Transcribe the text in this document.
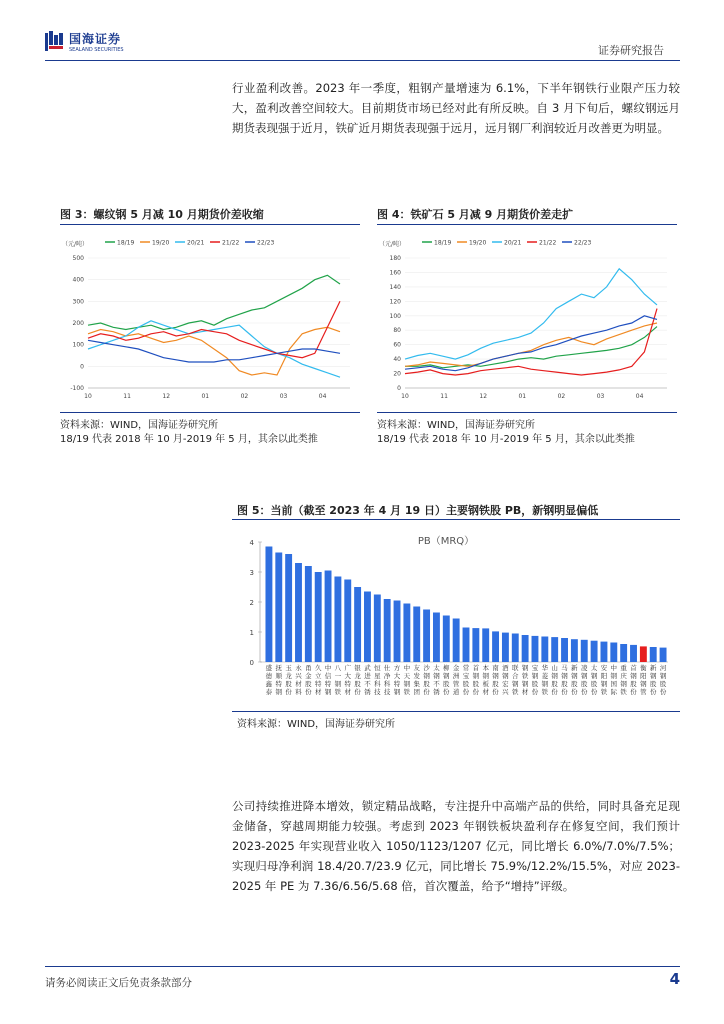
国海证券
SEALAND SECURITIES	证券研究报告
行业盈利改善。2023 年一季度，粗钢产量增速为 6.1%，下半年钢铁行业限产压力较大，盈利改善空间较大。目前期货市场已经对此有所反映。自 3 月下旬后，螺纹钢远月期货表现强于近月，铁矿近月期货表现强于远月，远月钢厂利润较近月改善更为明显。
图 3：螺纹钢 5 月减 10 月期货价差收缩
（元/吨）	18/19	19/20	20/21	21/22	22/23
-100
0
100
200
300
400
500
10	11	12	01	02	03	04
资料来源：WIND，国海证券研究所
18/19 代表 2018 年 10 月-2019 年 5 月，其余以此类推
图 4：铁矿石 5 月减 9 月期货价差走扩
（元/吨）	18/19	19/20	20/21	21/22	22/23
0
20
40
60
80
100
120
140
160
180
10	11	12	01	02	03	04
资料来源：WIND，国海证券研究所
18/19 代表 2018 年 10 月-2019 年 5 月，其余以此类推
图 5：当前（截至 2023 年 4 月 19 日）主要钢铁股 PB，新钢明显偏低
PB（MRQ）
0
1
2
3
4
盛德鑫泰
抚顺特钢
玉龙股份
永兴材料
甬金股份
久立特材
中信特钢
八一钢铁
广大特材
银龙股份
武进不锈
恒星科技
仕净科技
方大特钢
中天钢铁
友发集团
沙钢股份
太钢不锈
柳钢股份
金洲管道
常宝股份
首钢股份
本钢板材
南钢股份
酒钢宏兴
联合钢铁
钢铁钢材
宝钢股份
华菱钢铁
山钢股份
马钢股份
新钢股份
凌钢股份
太钢股份
安阳钢铁
中钢国际
重庆钢铁
首钢股份
衡阳钢管
新钢股份
河钢股份
资料来源：WIND，国海证券研究所
公司持续推进降本增效，锁定精品战略，专注提升中高端产品的供给，同时具备充足现金储备，穿越周期能力较强。考虑到 2023 年钢铁板块盈利存在修复空间，我们预计 2023-2025 年实现营业收入 1050/1123/1207 亿元，同比增长 6.0%/7.0%/7.5%；实现归母净利润 18.4/20.7/23.9 亿元，同比增长 75.9%/12.2%/15.5%，对应 2023-2025 年 PE 为 7.36/6.56/5.68 倍，首次覆盖，给予“增持”评级。
请务必阅读正文后免责条款部分	4
